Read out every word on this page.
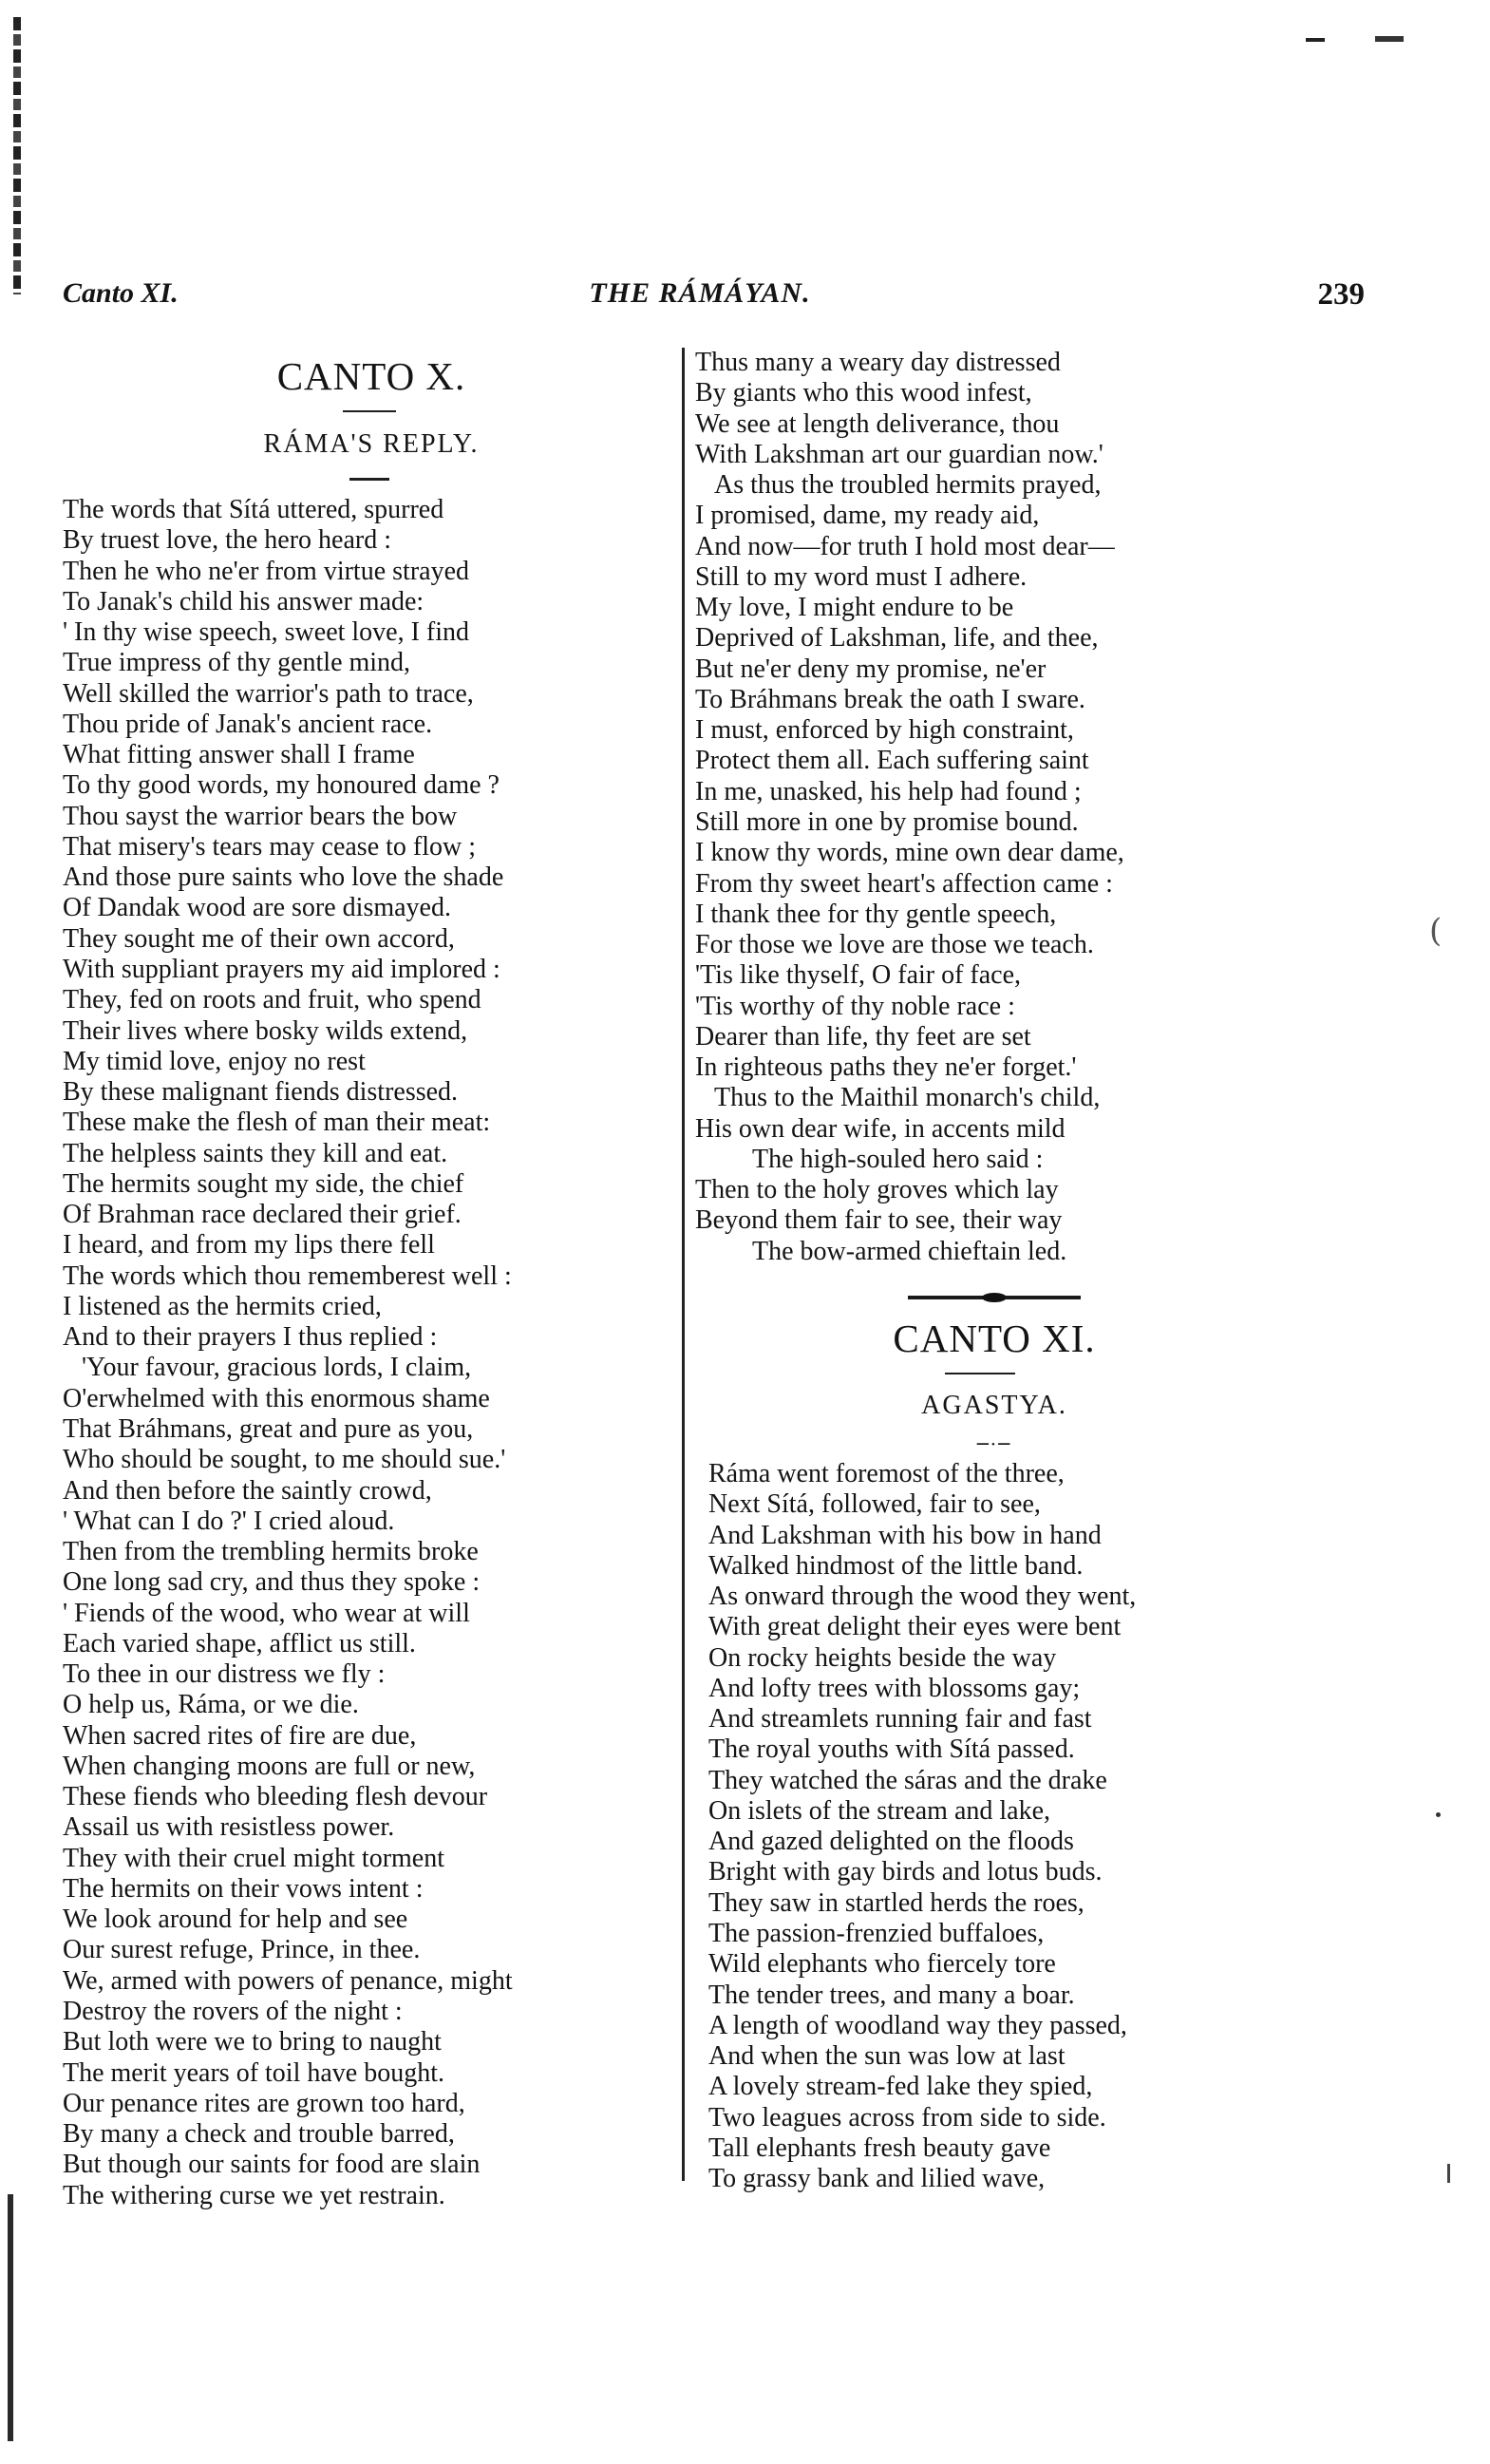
(
Canto XI.	THE RÁMÁYAN.	239
CANTO X.
RÁMA'S REPLY.
The words that Sítá uttered, spurred
By truest love, the hero heard :
Then he who ne'er from virtue strayed
To Janak's child his answer made:
' In thy wise speech, sweet love, I find
True impress of thy gentle mind,
Well skilled the warrior's path to trace,
Thou pride of Janak's ancient race.
What fitting answer shall I frame
To thy good words, my honoured dame ?
Thou sayst the warrior bears the bow
That misery's tears may cease to flow ;
And those pure saints who love the shade
Of Dandak wood are sore dismayed.
They sought me of their own accord,
With suppliant prayers my aid implored :
They, fed on roots and fruit, who spend
Their lives where bosky wilds extend,
My timid love, enjoy no rest
By these malignant fiends distressed.
These make the flesh of man their meat:
The helpless saints they kill and eat.
The hermits sought my side, the chief
Of Brahman race declared their grief.
I heard, and from my lips there fell
The words which thou rememberest well :
I listened as the hermits cried,
And to their prayers I thus replied :
'Your favour, gracious lords, I claim,
O'erwhelmed with this enormous shame
That Bráhmans, great and pure as you,
Who should be sought, to me should sue.'
And then before the saintly crowd,
' What can I do ?' I cried aloud.
Then from the trembling hermits broke
One long sad cry, and thus they spoke :
' Fiends of the wood, who wear at will
Each varied shape, afflict us still.
To thee in our distress we fly :
O help us, Ráma, or we die.
When sacred rites of fire are due,
When changing moons are full or new,
These fiends who bleeding flesh devour
Assail us with resistless power.
They with their cruel might torment
The hermits on their vows intent :
We look around for help and see
Our surest refuge, Prince, in thee.
We, armed with powers of penance, might
Destroy the rovers of the night :
But loth were we to bring to naught
The merit years of toil have bought.
Our penance rites are grown too hard,
By many a check and trouble barred,
But though our saints for food are slain
The withering curse we yet restrain.
Thus many a weary day distressed
By giants who this wood infest,
We see at length deliverance, thou
With Lakshman art our guardian now.'
As thus the troubled hermits prayed,
I promised, dame, my ready aid,
And now—for truth I hold most dear—
Still to my word must I adhere.
My love, I might endure to be
Deprived of Lakshman, life, and thee,
But ne'er deny my promise, ne'er
To Bráhmans break the oath I sware.
I must, enforced by high constraint,
Protect them all. Each suffering saint
In me, unasked, his help had found ;
Still more in one by promise bound.
I know thy words, mine own dear dame,
From thy sweet heart's affection came :
I thank thee for thy gentle speech,
For those we love are those we teach.
'Tis like thyself, O fair of face,
'Tis worthy of thy noble race :
Dearer than life, thy feet are set
In righteous paths they ne'er forget.'
Thus to the Maithil monarch's child,
His own dear wife, in accents mild
The high-souled hero said :
Then to the holy groves which lay
Beyond them fair to see, their way
The bow-armed chieftain led.
CANTO XI.
AGASTYA.
─·─
Ráma went foremost of the three,
Next Sítá, followed, fair to see,
And Lakshman with his bow in hand
Walked hindmost of the little band.
As onward through the wood they went,
With great delight their eyes were bent
On rocky heights beside the way
And lofty trees with blossoms gay;
And streamlets running fair and fast
The royal youths with Sítá passed.
They watched the sáras and the drake
On islets of the stream and lake,
And gazed delighted on the floods
Bright with gay birds and lotus buds.
They saw in startled herds the roes,
The passion-frenzied buffaloes,
Wild elephants who fiercely tore
The tender trees, and many a boar.
A length of woodland way they passed,
And when the sun was low at last
A lovely stream-fed lake they spied,
Two leagues across from side to side.
Tall elephants fresh beauty gave
To grassy bank and lilied wave,
